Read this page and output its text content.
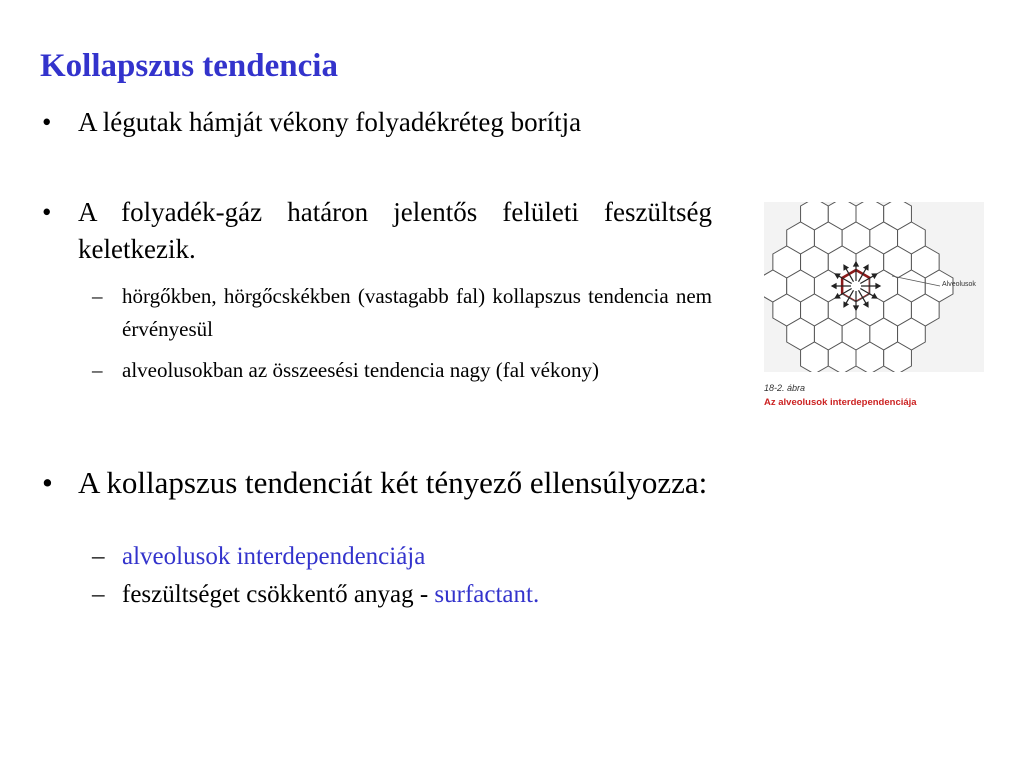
Kollapszus tendencia
• A légutak hámját vékony folyadékréteg borítja
• A folyadék-gáz határon jelentős felületi feszültség keletkezik.
– hörgőkben, hörgőcskékben (vastagabb fal) kollapszus tendencia nem érvényesül
– alveolusokban az összeesési tendencia nagy (fal vékony)
• A kollapszus tendenciát két tényező ellensúlyozza:
– alveolusok interdependenciája
– feszültséget csökkentő anyag - surfactant.
Alveolusok
18-2. ábra
Az alveolusok interdependenciája
